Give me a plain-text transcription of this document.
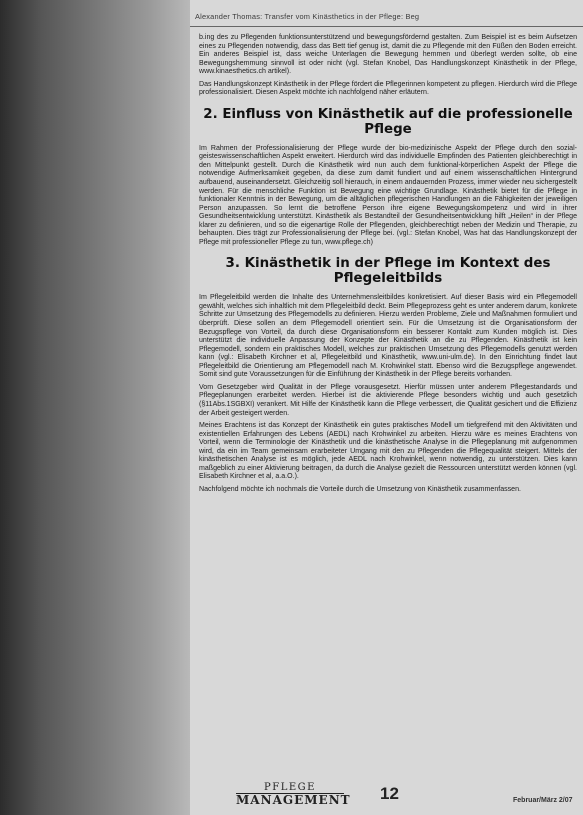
Alexander Thomas: Transfer vom Kinästhetics in der Pflege: Beg

b.ing des zu Pflegenden funktionsunterstützend und bewegungsfördernd gestalten. Zum Beispiel ist es beim Aufsetzen eines zu Pflegenden notwendig, dass das Bett tief genug ist, damit die zu Pflegende mit den Füßen den Boden erreicht. Ein anderes Beispiel ist, dass weiche Unterlagen die Bewegung hemmen und überlegt werden sollte, ob eine Bewegungshemmung sinnvoll ist oder nicht (vgl. Stefan Knobel, Das Handlungskonzept Kinästhetik in der Pflege, www.kinaesthetics.ch artikel).

Das Handlungskonzept Kinästhetik in der Pflege fördert die Pflegerinnen kompetent zu pflegen. Hierdurch wird die Pflege professionalisiert. Diesen Aspekt möchte ich nachfolgend näher erläutern.

2. Einfluss von Kinästhetik auf die professionelle Pflege

Im Rahmen der Professionalisierung der Pflege wurde der bio-medizinische Aspekt der Pflege durch den sozial-geisteswissenschaftlichen Aspekt erweitert. Hierdurch wird das individuelle Empfinden des Patienten gleichberechtigt in den Mittelpunkt gestellt. Durch die Kinästhetik wird nun auch dem funktional-körperlichen Aspekt der Pflege die notwendige Aufmerksamkeit gegeben, da diese zum damit fundiert und auf einem wissenschaftlichen Hintergrund aufbauend, auseinandersetzt. Gleichzeitig soll hierauch, in einem andauernden Prozess, immer wieder neu sichergestellt werden. Für die menschliche Funktion ist Bewegung eine wichtige Grundlage. Kinästhetik bietet für die Pflege in funktionaler Kenntnis in der Bewegung, um die alltäglichen pflegerischen Handlungen an die Fähigkeiten der jeweiligen Person anzupassen. So lernt die betroffene Person ihre eigene Bewegungskompetenz und wird in ihrer Gesundheitsentwicklung unterstützt. Kinästhetik als Bestandteil der Gesundheitsentwicklung hilft „Heilen“ in der Pflege klarer zu definieren, und so die eigenartige Rolle der Pflegenden, gleichberechtigt neben der Medizin und Therapie, zu behaupten. Dies trägt zur Professionalisierung der Pflege bei. (vgl.: Stefan Knobel, Was hat das Handlungskonzept der Pflege mit professioneller Pflege zu tun, www.pflege.ch)

3. Kinästhetik in der Pflege im Kontext des Pflegeleitbilds

Im Pflegeleitbild werden die Inhalte des Unternehmensleitbildes konkretisiert. Auf dieser Basis wird ein Pflegemodell gewählt, welches sich inhaltlich mit dem Pflegeleitbild deckt. Beim Pflegeprozess geht es unter anderem darum, konkrete Schritte zur Umsetzung des Pflegemodells zu definieren. Hierzu werden Probleme, Ziele und Maßnahmen formuliert und überprüft. Diese sollen an dem Pflegemodell orientiert sein. Für die Umsetzung ist die Organisationsform der Bezugspflege von Vorteil, da durch diese Organisationsform ein besserer Kontakt zum Kunden möglich ist. Dies unterstützt die individuelle Anpassung der Konzepte der Kinästhetik an die zu Pflegenden. Kinästhetik ist kein Pflegemodell, sondern ein praktisches Modell, welches zur praktischen Umsetzung des Pflegemodells genutzt werden kann (vgl.: Elisabeth Kirchner et al, Pflegeleitbild und Kinästhetik, www.uni-ulm.de). In den Einrichtung findet laut Pflegeleitbild die Orientierung am Pflegemodell nach M. Krohwinkel statt. Ebenso wird die Bezugspflege angewendet. Somit sind gute Voraussetzungen für die Einführung der Kinästhetik in der Pflege bereits vorhanden.

Vom Gesetzgeber wird Qualität in der Pflege vorausgesetzt. Hierfür müssen unter anderem Pflegestandards und Pflegeplanungen erarbeitet werden. Hierbei ist die aktivierende Pflege besonders wichtig und auch gesetzlich (§11Abs.1SGBXI) verankert. Mit Hilfe der Kinästhetik kann die Pflege verbessert, die Qualität gesichert und die Effizienz der Arbeit gesteigert werden.

Meines Erachtens ist das Konzept der Kinästhetik ein gutes praktisches Modell um tiefgreifend mit den Aktivitäten und existentiellen Erfahrungen des Lebens (AEDL) nach Krohwinkel zu arbeiten. Hierzu wäre es meines Erachtens von Vorteil, wenn die Terminologie der Kinästhetik und die kinästhetische Analyse in die Pflegeplanung mit aufgenommen wird, da ein im Team gemeinsam erarbeiteter Umgang mit den zu Pflegenden die Pflegequalität steigert. Mittels der kinästhetischen Analyse ist es möglich, jede AEDL nach Krohwinkel, wenn notwendig, zu unterstützen. Dies kann maßgeblich zu einer Aktivierung beitragen, da durch die Analyse gezielt die Ressourcen unterstützt werden können (vgl. Elisabeth Kirchner et al, a.a.O.).

Nachfolgend möchte ich nochmals die Vorteile durch die Umsetzung von Kinästhetik zusammenfassen.

PFLEGE
MANAGEMENT 12	Februar/März 2/07
